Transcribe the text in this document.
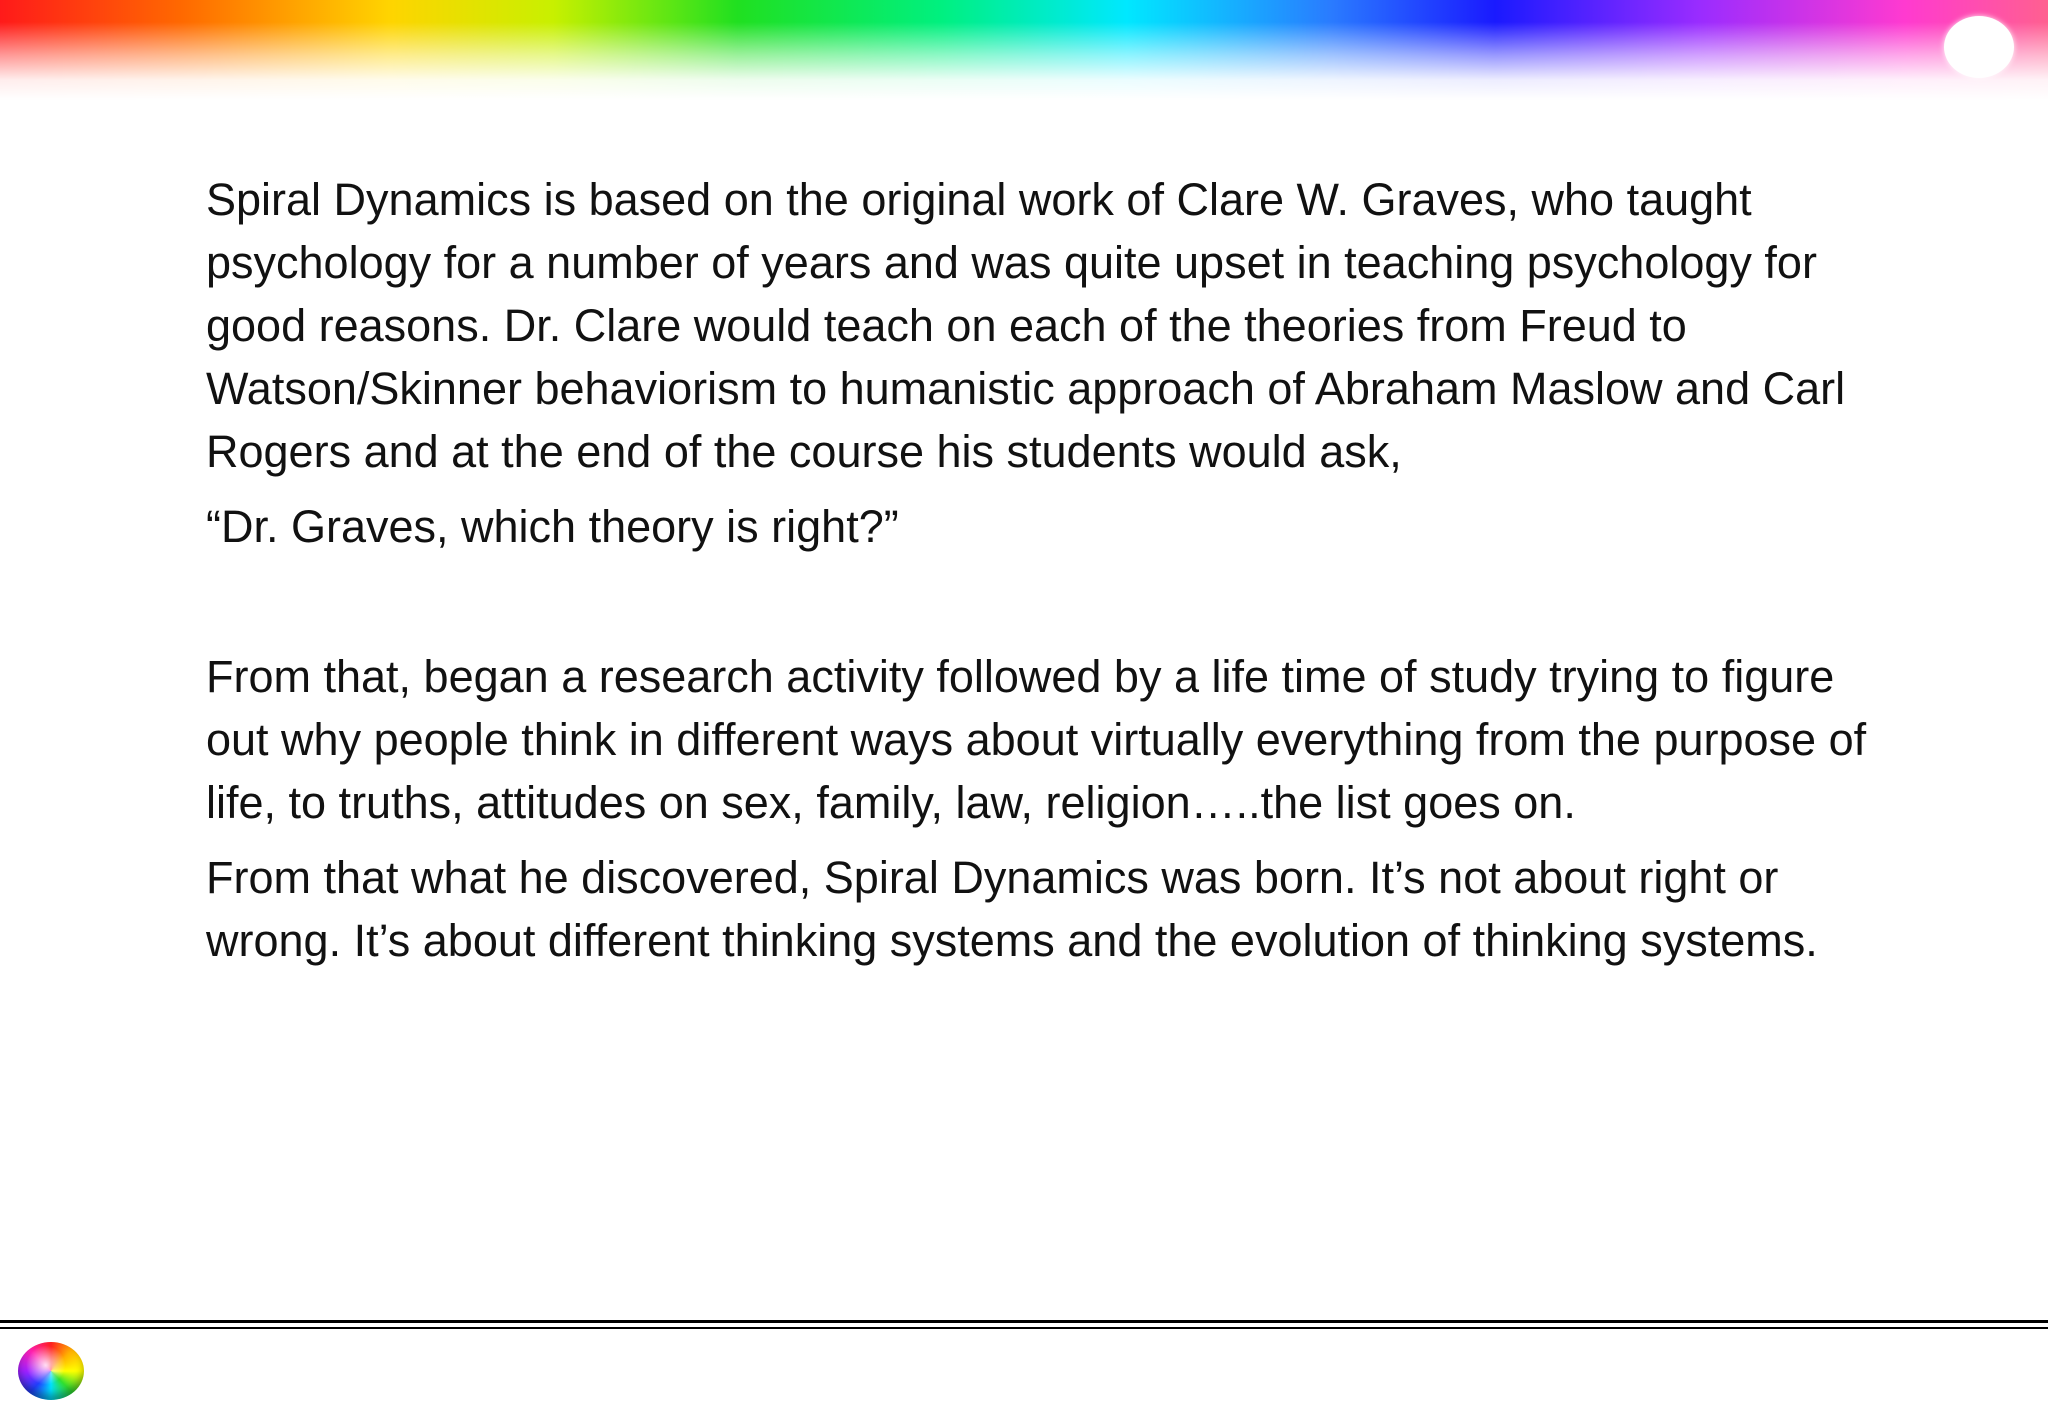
Spiral Dynamics is based on the original work of Clare W. Graves, who taught psychology for a number of years and was quite upset in teaching psychology for good reasons. Dr. Clare would teach on each of the theories from Freud to Watson/Skinner behaviorism to humanistic approach of Abraham Maslow and Carl Rogers and at the end of the course his students would ask,

“Dr. Graves, which theory is right?”

From that, began a research activity followed by a life time of study trying to figure out why people think in different ways about virtually everything from the purpose of life, to truths, attitudes on sex, family, law, religion…..the list goes on.

From that what he discovered, Spiral Dynamics was born. It’s not about right or wrong. It’s about different thinking systems and the evolution of thinking systems.
